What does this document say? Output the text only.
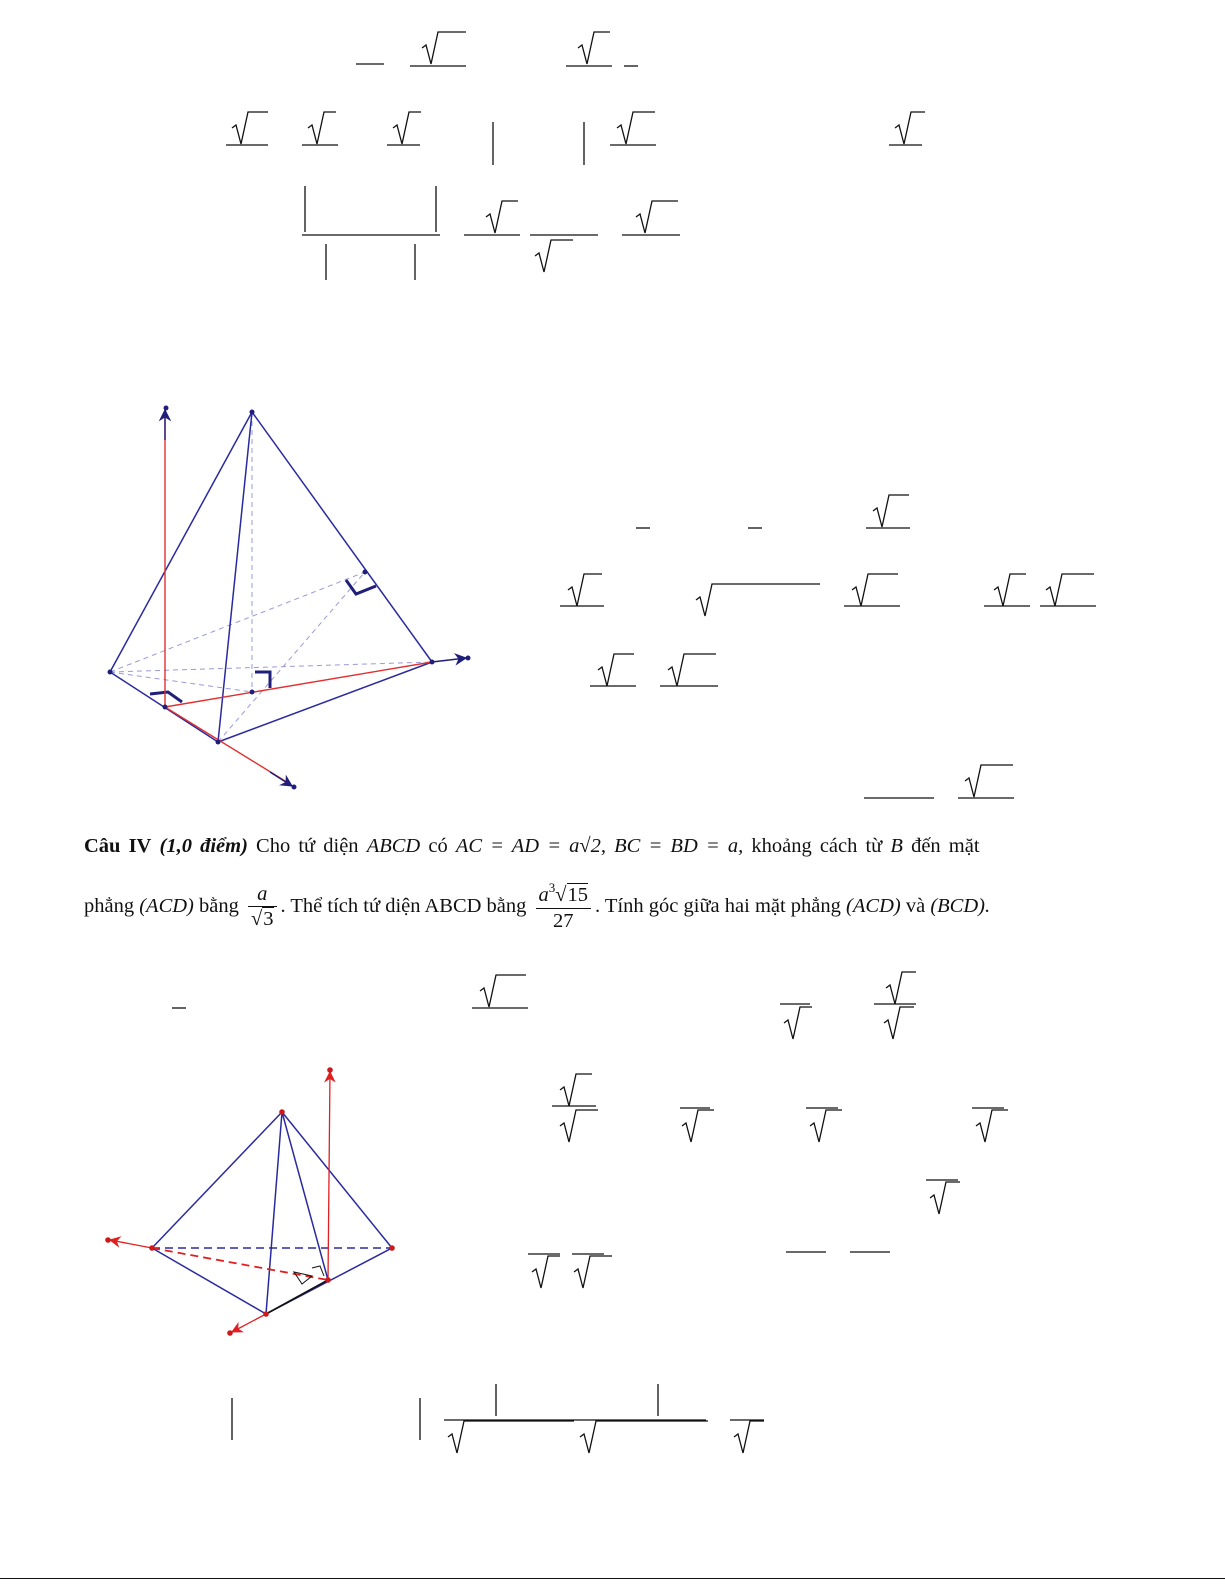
Câu IV (1,0 điểm) Cho tứ diện ABCD có AC = AD = a√2, BC = BD = a, khoảng cách từ B đến mặt
phẳng (ACD) bằng $\frac{a}{√3}$ . Thể tích tứ diện ABCD bằng $\frac{a^3√15}{27}$ . Tính góc giữa hai mặt phẳng (ACD) và (BCD).
